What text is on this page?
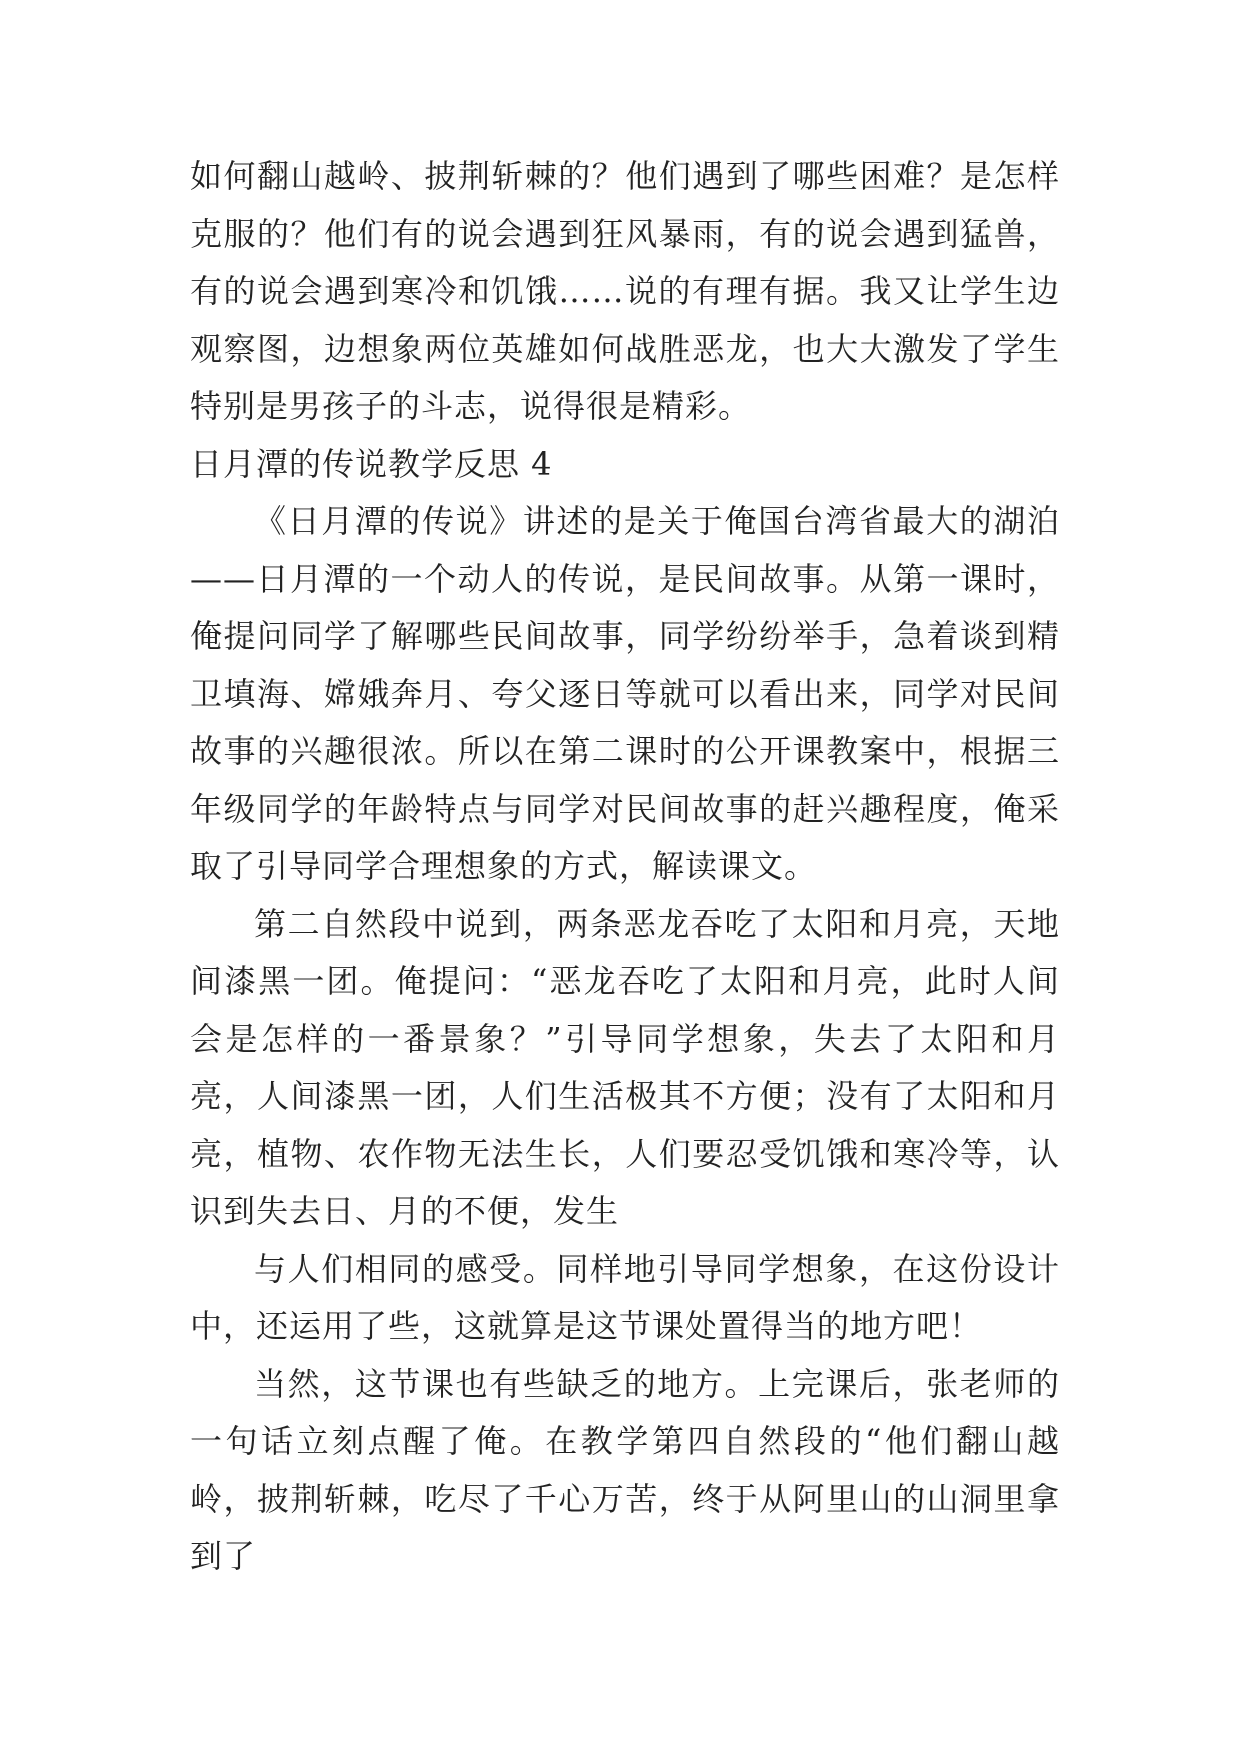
如何翻山越岭、披荆斩棘的？他们遇到了哪些困难？是怎样克服的？他们有的说会遇到狂风暴雨，有的说会遇到猛兽，有的说会遇到寒冷和饥饿……说的有理有据。我又让学生边观察图，边想象两位英雄如何战胜恶龙，也大大激发了学生特别是男孩子的斗志，说得很是精彩。

日月潭的传说教学反思 4

《日月潭的传说》讲述的是关于俺国台湾省最大的湖泊——日月潭的一个动人的传说，是民间故事。从第一课时，俺提问同学了解哪些民间故事，同学纷纷举手，急着谈到精卫填海、嫦娥奔月、夸父逐日等就可以看出来，同学对民间故事的兴趣很浓。所以在第二课时的公开课教案中，根据三年级同学的年龄特点与同学对民间故事的赶兴趣程度，俺采取了引导同学合理想象的方式，解读课文。

第二自然段中说到，两条恶龙吞吃了太阳和月亮，天地间漆黑一团。俺提问：“恶龙吞吃了太阳和月亮，此时人间会是怎样的一番景象？”引导同学想象，失去了太阳和月亮，人间漆黑一团，人们生活极其不方便；没有了太阳和月亮，植物、农作物无法生长，人们要忍受饥饿和寒冷等，认识到失去日、月的不便，发生

与人们相同的感受。同样地引导同学想象，在这份设计中，还运用了些，这就算是这节课处置得当的地方吧！

当然，这节课也有些缺乏的地方。上完课后，张老师的一句话立刻点醒了俺。在教学第四自然段的“他们翻山越岭，披荆斩棘，吃尽了千心万苦，终于从阿里山的山洞里拿到了
